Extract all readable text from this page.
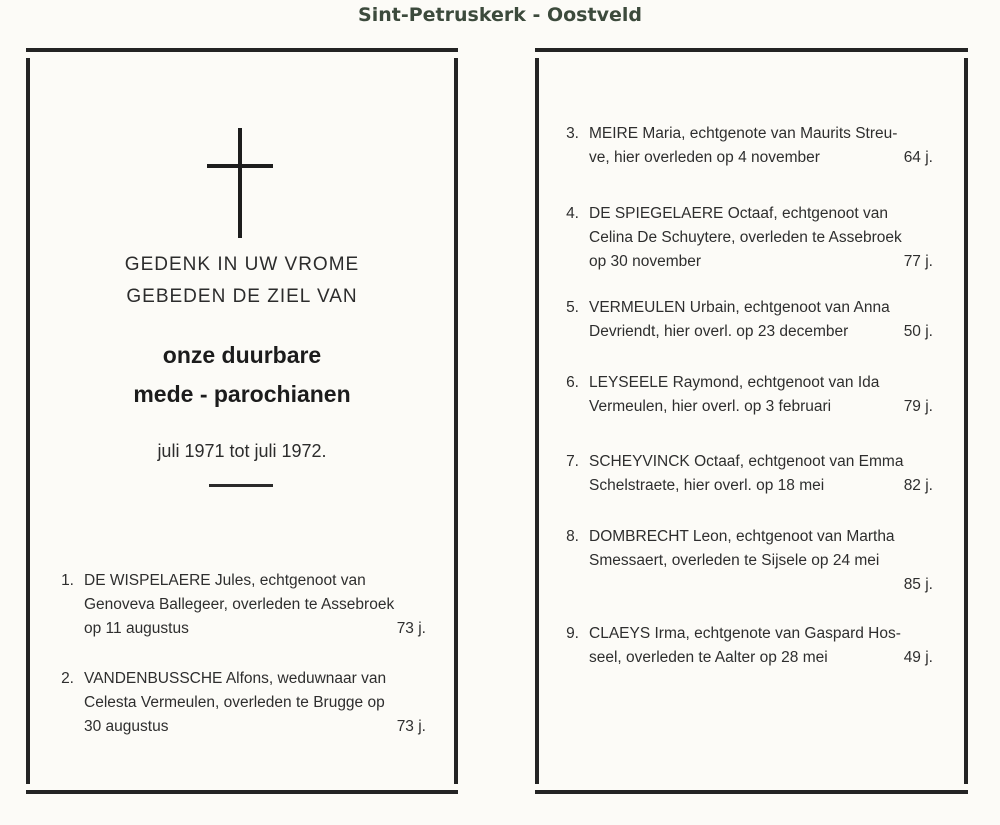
Sint-Petruskerk - Oostveld
GEDENK IN UW VROME
GEBEDEN DE ZIEL VAN
onze duurbare
mede - parochianen
juli 1971 tot juli 1972.
1. DE WISPELAERE Jules, echtgenoot van
Genoveva Ballegeer, overleden te Assebroek
op 11 augustus	73 j.
2. VANDENBUSSCHE Alfons, weduwnaar van
Celesta Vermeulen, overleden te Brugge op
30 augustus	73 j.
3. MEIRE Maria, echtgenote van Maurits Streu-
ve, hier overleden op 4 november	64 j.
4. DE SPIEGELAERE Octaaf, echtgenoot van
Celina De Schuytere, overleden te Assebroek
op 30 november	77 j.
5. VERMEULEN Urbain, echtgenoot van Anna
Devriendt, hier overl. op 23 december	50 j.
6. LEYSEELE Raymond, echtgenoot van Ida
Vermeulen, hier overl. op 3 februari	79 j.
7. SCHEYVINCK Octaaf, echtgenoot van Emma
Schelstraete, hier overl. op 18 mei	82 j.
8. DOMBRECHT Leon, echtgenoot van Martha
Smessaert, overleden te Sijsele op 24 mei
85 j.
9. CLAEYS Irma, echtgenote van Gaspard Hos-
seel, overleden te Aalter op 28 mei	49 j.
